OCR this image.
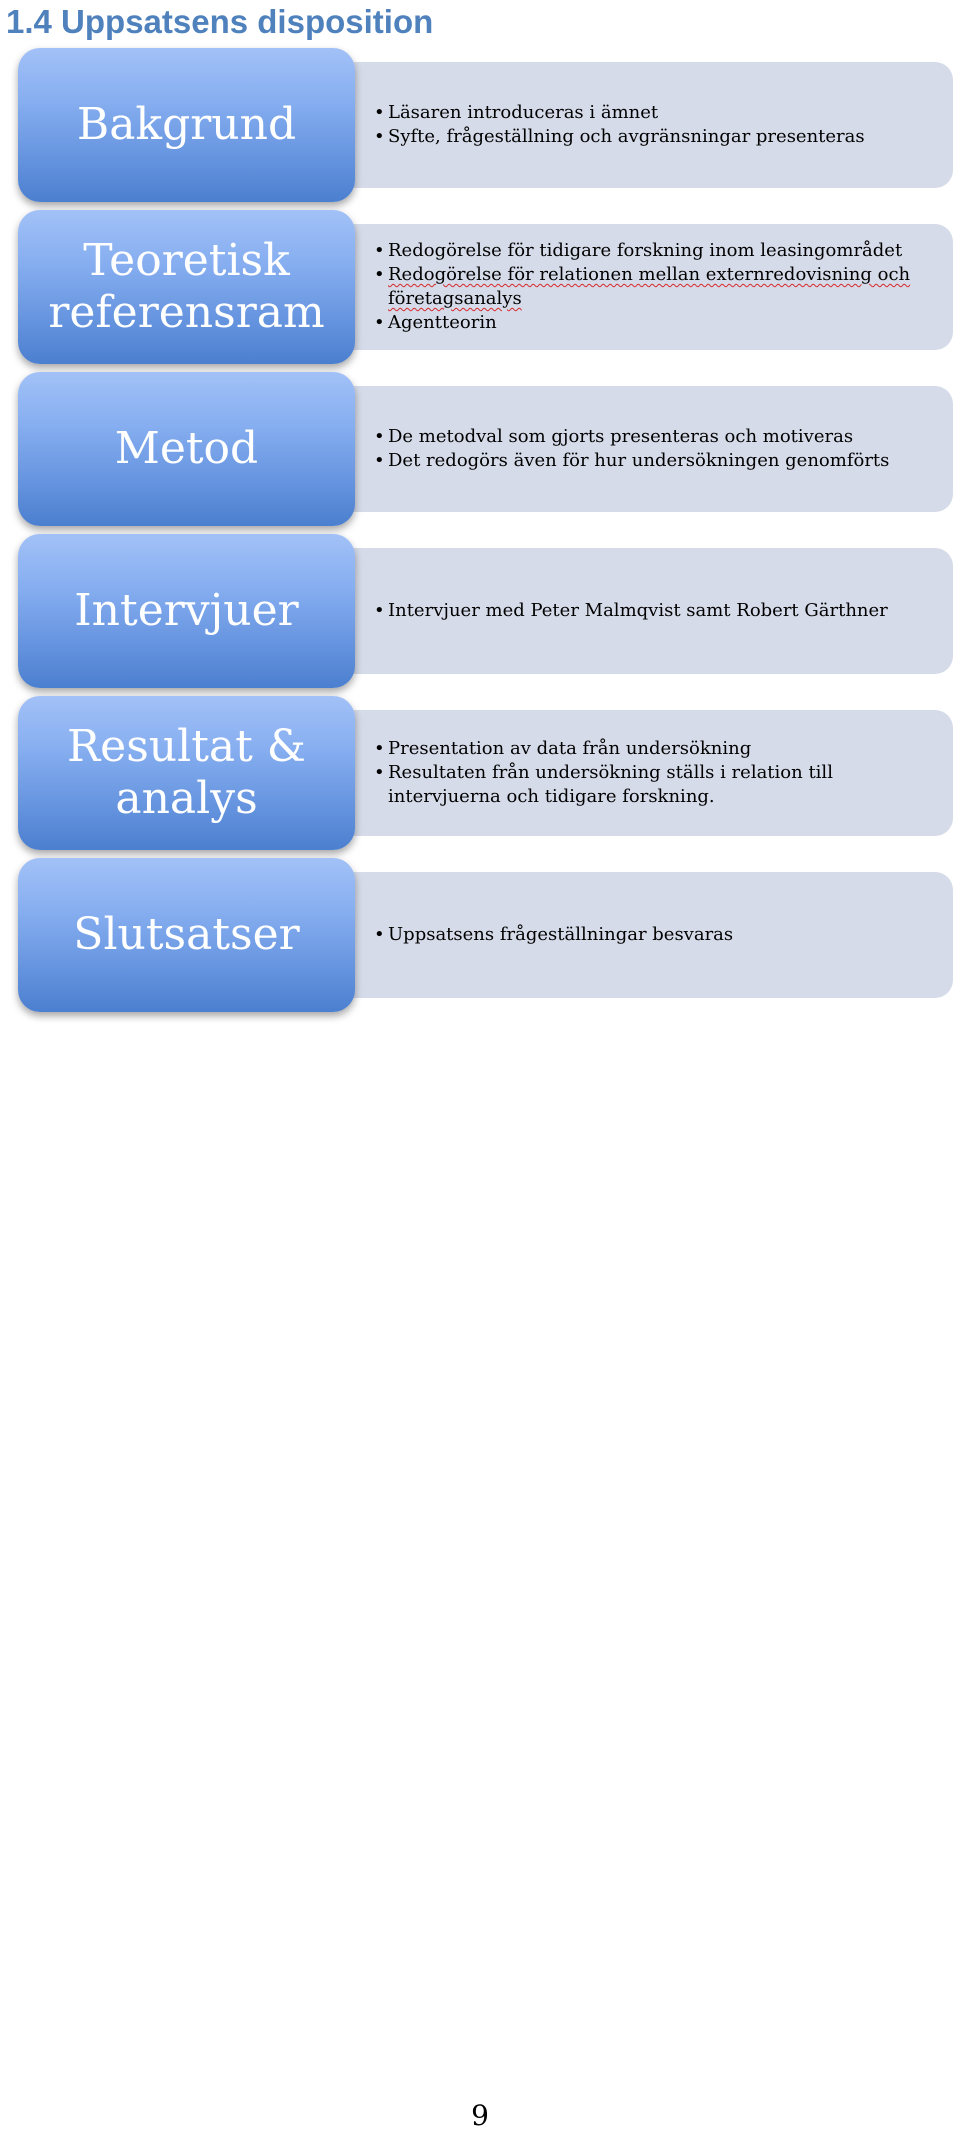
1.4 Uppsatsens disposition
• Läsaren introduceras i ämnet
• Syfte, frågeställning och avgränsningar presenteras
Bakgrund
• Redogörelse för tidigare forskning inom leasingområdet
• Redogörelse för relationen mellan externredovisning och företagsanalys
• Agentteorin
Teoretisk
referensram
• De metodval som gjorts presenteras och motiveras
• Det redogörs även för hur undersökningen genomförts
Metod
• Intervjuer med Peter Malmqvist samt Robert Gärthner
Intervjuer
• Presentation av data från undersökning
• Resultaten från undersökning ställs i relation till intervjuerna och tidigare forskning.
Resultat &
analys
• Uppsatsens frågeställningar besvaras
Slutsatser
9
